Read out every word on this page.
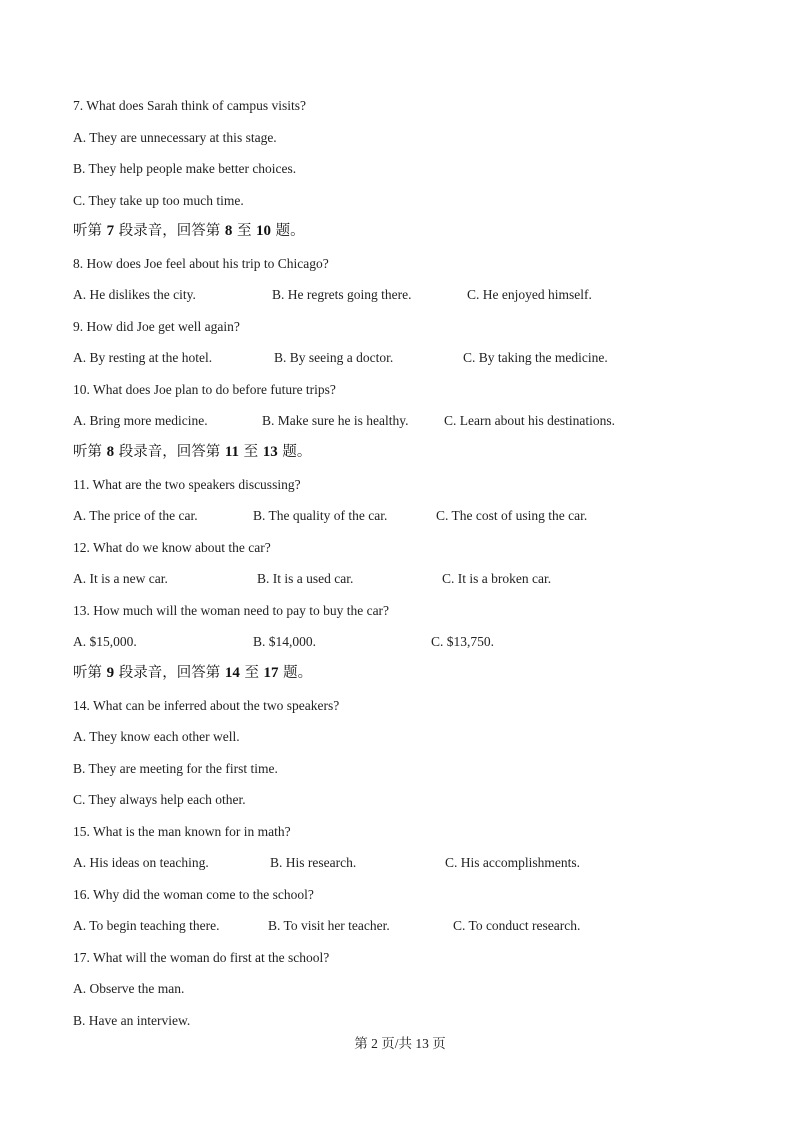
7. What does Sarah think of campus visits?
A. They are unnecessary at this stage.
B. They help people make better choices.
C. They take up too much time.
听第 7 段录音，回答第 8 至 10 题。
8. How does Joe feel about his trip to Chicago?
A. He dislikes the city.	B. He regrets going there.	C. He enjoyed himself.
9. How did Joe get well again?
A. By resting at the hotel.	B. By seeing a doctor.	C. By taking the medicine.
10. What does Joe plan to do before future trips?
A. Bring more medicine.	B. Make sure he is healthy.	C. Learn about his destinations.
听第 8 段录音，回答第 11 至 13 题。
11. What are the two speakers discussing?
A. The price of the car.	B. The quality of the car.	C. The cost of using the car.
12. What do we know about the car?
A. It is a new car.	B. It is a used car.	C. It is a broken car.
13. How much will the woman need to pay to buy the car?
A. $15,000.	B. $14,000.	C. $13,750.
听第 9 段录音，回答第 14 至 17 题。
14. What can be inferred about the two speakers?
A. They know each other well.
B. They are meeting for the first time.
C. They always help each other.
15. What is the man known for in math?
A. His ideas on teaching.	B. His research.	C. His accomplishments.
16. Why did the woman come to the school?
A. To begin teaching there.	B. To visit her teacher.	C. To conduct research.
17. What will the woman do first at the school?
A. Observe the man.
B. Have an interview.
第 2 页/共 13 页
